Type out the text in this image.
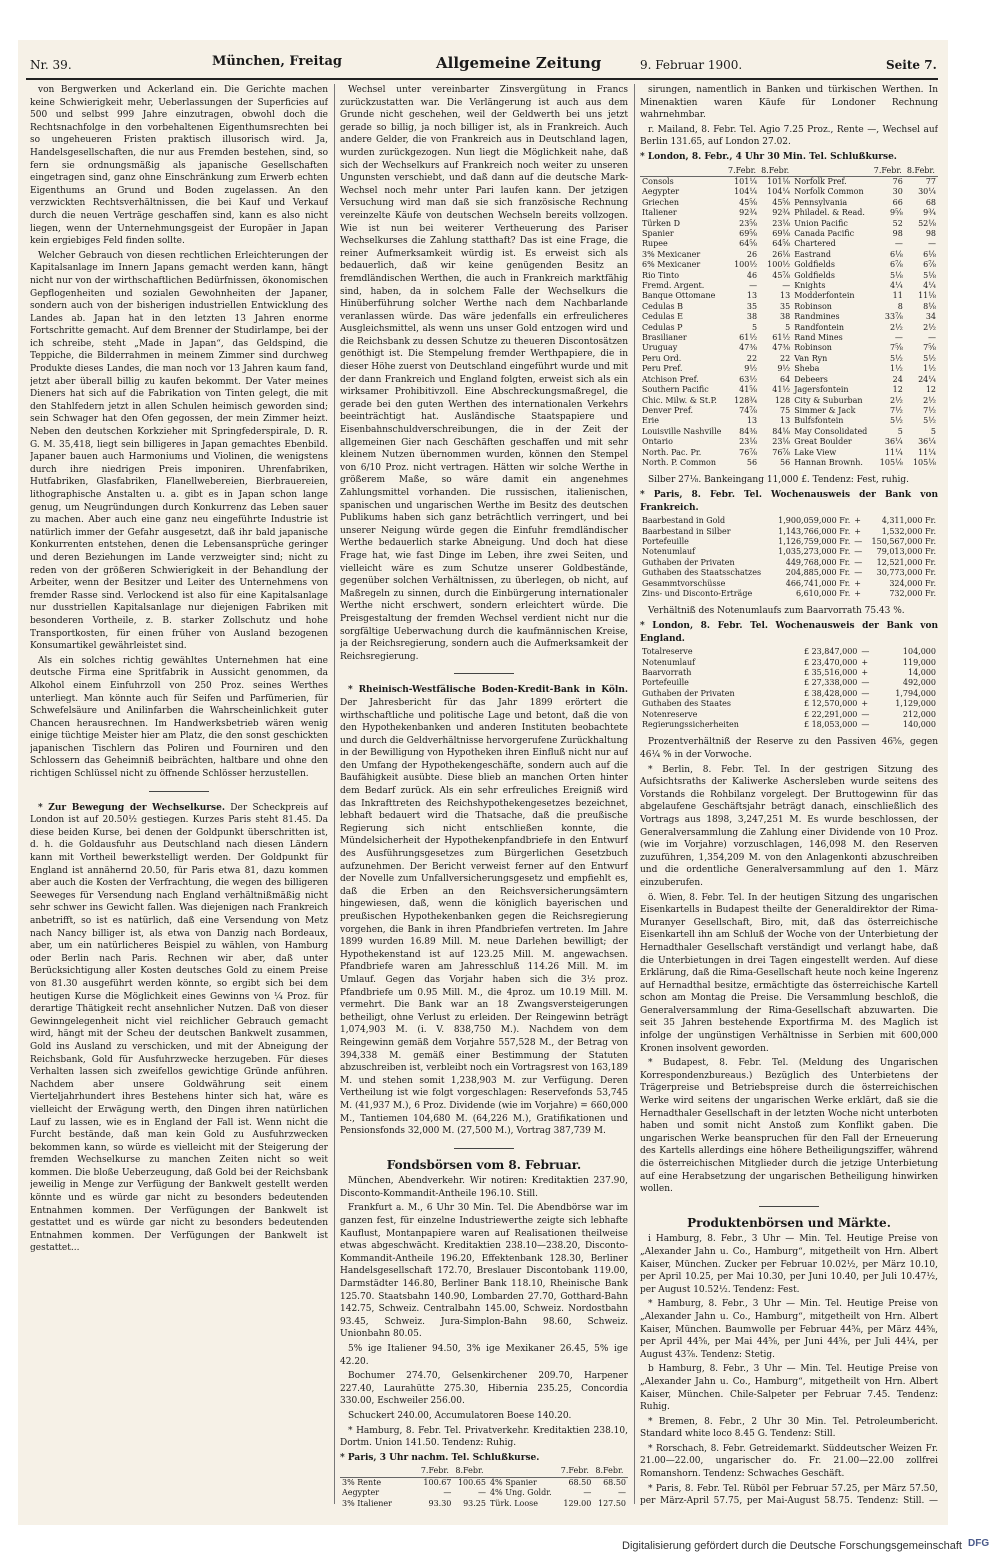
Nr. 39.	München, Freitag	Allgemeine Zeitung	9. Februar 1900.	Seite 7.

von Bergwerken und Ackerland ein. Die Gerichte machen keine Schwierigkeit mehr, Ueberlassungen der Superficies auf 500 und selbst 999 Jahre einzutragen, obwohl doch die Rechtsnachfolge in den vorbehaltenen Eigenthumsrechten bei so ungeheueren Fristen praktisch illusorisch wird. Ja, Handelsgesellschaften, die nur aus Fremden bestehen, sind, so fern sie ordnungsmäßig als japanische Gesellschaften eingetragen sind, ganz ohne Einschränkung zum Erwerb echten Eigenthums an Grund und Boden zugelassen. An den verzwickten Rechtsverhältnissen, die bei Kauf und Verkauf durch die neuen Verträge geschaffen sind, kann es also nicht liegen, wenn der Unternehmungsgeist der Europäer in Japan kein ergiebiges Feld finden sollte.

Welcher Gebrauch von diesen rechtlichen Erleichterungen der Kapitalsanlage im Innern Japans gemacht werden kann, hängt nicht nur von der wirthschaftlichen Bedürfnissen, ökonomischen Gepflogenheiten und sozialen Gewohnheiten der Japaner, sondern auch von der bisherigen industriellen Entwicklung des Landes ab. Japan hat in den letzten 13 Jahren enorme Fortschritte gemacht. Auf dem Brenner der Studirlampe, bei der ich schreibe, steht „Made in Japan“, das Geldspind, die Teppiche, die Bilderrahmen in meinem Zimmer sind durchweg Produkte dieses Landes, die man noch vor 13 Jahren kaum fand, jetzt aber überall billig zu kaufen bekommt. Der Vater meines Dieners hat sich auf die Fabrikation von Tinten gelegt, die mit den Stahlfedern jetzt in allen Schulen heimisch geworden sind; sein Schwager hat den Ofen gegossen, der mein Zimmer heizt. Neben den deutschen Korkzieher mit Springfederspirale, D. R. G. M. 35,418, liegt sein billigeres in Japan gemachtes Ebenbild. Japaner bauen auch Harmoniums und Violinen, die wenigstens durch ihre niedrigen Preis imponiren. Uhrenfabriken, Hutfabriken, Glasfabriken, Flanellwebereien, Bierbrauereien, lithographische Anstalten u. a. gibt es in Japan schon lange genug, um Neugründungen durch Konkurrenz das Leben sauer zu machen. Aber auch eine ganz neu eingeführte Industrie ist natürlich immer der Gefahr ausgesetzt, daß ihr bald japanische Konkurrenten entstehen, denen die Lebensansprüche geringer und deren Beziehungen im Lande verzweigter sind; nicht zu reden von der größeren Schwierigkeit in der Behandlung der Arbeiter, wenn der Besitzer und Leiter des Unternehmens von fremder Rasse sind. Verlockend ist also für eine Kapitalsanlage nur dusstriellen Kapitalsanlage nur diejenigen Fabriken mit besonderen Vortheile, z. B. starker Zollschutz und hohe Transportkosten, für einen früher von Ausland bezogenen Konsumartikel gewährleistet sind.

Als ein solches richtig gewähltes Unternehmen hat eine deutsche Firma eine Spritfabrik in Aussicht genommen, da Alkohol einem Einfuhrzoll von 250 Proz. seines Werthes unterliegt. Man könnte auch für Seifen und Parfümerien, für Schwefelsäure und Anilinfarben die Wahrscheinlichkeit guter Chancen herausrechnen. Im Handwerksbetrieb wären wenig einige tüchtige Meister hier am Platz, die den sonst geschickten japanischen Tischlern das Poliren und Fourniren und den Schlossern das Geheimniß beibrächten, haltbare und ohne den richtigen Schlüssel nicht zu öffnende Schlösser herzustellen.

* Zur Bewegung der Wechselkurse. Der Scheckpreis auf London ist auf 20.50½ gestiegen. Kurzes Paris steht 81.45. Da diese beiden Kurse, bei denen der Goldpunkt überschritten ist, d. h. die Goldausfuhr aus Deutschland nach diesen Ländern kann mit Vortheil bewerkstelligt werden. Der Goldpunkt für England ist annähernd 20.50, für Paris etwa 81, dazu kommen aber auch die Kosten der Verfrachtung, die wegen des billigeren Seeweges für Versendung nach England verhältnißmäßig nicht sehr schwer ins Gewicht fallen. Was diejenigen nach Frankreich anbetrifft, so ist es natürlich, daß eine Versendung von Metz nach Nancy billiger ist, als etwa von Danzig nach Bordeaux, aber, um ein natürlicheres Beispiel zu wählen, von Hamburg oder Berlin nach Paris. Rechnen wir aber, daß unter Berücksichtigung aller Kosten deutsches Gold zu einem Preise von 81.30 ausgeführt werden könnte, so ergibt sich bei dem heutigen Kurse die Möglichkeit eines Gewinns von ¼ Proz. für derartige Thätigkeit recht ansehnlicher Nutzen. Daß von dieser Gewinngelegenheit nicht viel reichlicher Gebrauch gemacht wird, hängt mit der Scheu der deutschen Bankwelt zusammen, Gold ins Ausland zu verschicken, und mit der Abneigung der Reichsbank, Gold für Ausfuhrzwecke herzugeben. Für dieses Verhalten lassen sich zweifellos gewichtige Gründe anführen. Nachdem aber unsere Goldwährung seit einem Vierteljahrhundert ihres Bestehens hinter sich hat, wäre es vielleicht der Erwägung werth, den Dingen ihren natürlichen Lauf zu lassen, wie es in England der Fall ist. Wenn nicht die Furcht bestände, daß man kein Gold zu Ausfuhrzwecken bekommen kann, so würde es vielleicht mit der Steigerung der fremden Wechselkurse zu manchen Zeiten nicht so weit kommen. Die bloße Ueberzeugung, daß Gold bei der Reichsbank jeweilig in Menge zur Verfügung der Bankwelt gestellt werden könnte und es würde gar nicht zu besonders bedeutenden Entnahmen kommen. Der Verfügungen der Bankwelt ist gestattet und es würde gar nicht zu besonders bedeutenden Entnahmen kommen. Der Verfügungen der Bankwelt ist gestattet...

Wechsel unter vereinbarter Zinsvergütung in Francs zurückzustatten war. Die Verlängerung ist auch aus dem Grunde nicht geschehen, weil der Geldwerth bei uns jetzt gerade so billig, ja noch billiger ist, als in Frankreich. Auch andere Gelder, die von Frankreich aus in Deutschland lagen, wurden zurückgezogen. Nun liegt die Möglichkeit nahe, daß sich der Wechselkurs auf Frankreich noch weiter zu unseren Ungunsten verschiebt, und daß dann auf die deutsche Mark-Wechsel noch mehr unter Pari laufen kann. Der jetzigen Versuchung wird man daß sie sich französische Rechnung vereinzelte Käufe von deutschen Wechseln bereits vollzogen. Wie ist nun bei weiterer Vertheuerung des Pariser Wechselkurses die Zahlung statthaft? Das ist eine Frage, die reiner Aufmerksamkeit würdig ist. Es erweist sich als bedauerlich, daß wir keine genügenden Besitz an fremdländischen Werthen, die auch in Frankreich marktfähig sind, haben, da in solchem Falle der Wechselkurs die Hinüberführung solcher Werthe nach dem Nachbarlande veranlassen würde. Das wäre jedenfalls ein erfreulicheres Ausgleichsmittel, als wenn uns unser Gold entzogen wird und die Reichsbank zu dessen Schutze zu theueren Discontosätzen genöthigt ist. Die Stempelung fremder Werthpapiere, die in dieser Höhe zuerst von Deutschland eingeführt wurde und mit der dann Frankreich und England folgten, erweist sich als ein wirksamer Prohibitivzoll. Eine Abschreckungsmaßregel, die gerade bei den guten Werthen des internationalen Verkehrs beeinträchtigt hat. Ausländische Staatspapiere und Eisenbahnschuldverschreibungen, die in der Zeit der allgemeinen Gier nach Geschäften geschaffen und mit sehr kleinem Nutzen übernommen wurden, können den Stempel von 6/10 Proz. nicht vertragen. Hätten wir solche Werthe in größerem Maße, so wäre damit ein angenehmes Zahlungsmittel vorhanden. Die russischen, italienischen, spanischen und ungarischen Werthe im Besitz des deutschen Publikums haben sich ganz beträchtlich verringert, und bei unserer Neigung würde gegen die Einfuhr fremdländischer Werthe bedauerlich starke Abneigung. Und doch hat diese Frage hat, wie fast Dinge im Leben, ihre zwei Seiten, und vielleicht wäre es zum Schutze unserer Goldbestände, gegenüber solchen Verhältnissen, zu überlegen, ob nicht, auf Maßregeln zu sinnen, durch die Einbürgerung internationaler Werthe nicht erschwert, sondern erleichtert würde. Die Preisgestaltung der fremden Wechsel verdient nicht nur die sorgfältige Ueberwachung durch die kaufmännischen Kreise, ja der Reichsregierung, sondern auch die Aufmerksamkeit der Reichsregierung.

* Rheinisch-Westfälische Boden-Kredit-Bank in Köln. Der Jahresbericht für das Jahr 1899 erörtert die wirthschaftliche und politische Lage und betont, daß die von den Hypothekenbanken und anderen Instituten beobachtete und durch die Geldverhältnisse hervorgerufene Zurückhaltung in der Bewilligung von Hypotheken ihren Einfluß nicht nur auf den Umfang der Hypothekengeschäfte, sondern auch auf die Baufähigkeit ausübte. Diese blieb an manchen Orten hinter dem Bedarf zurück. Als ein sehr erfreuliches Ereigniß wird das Inkrafttreten des Reichshypothekengesetzes bezeichnet, lebhaft bedauert wird die Thatsache, daß die preußische Regierung sich nicht entschließen konnte, die Mündelsicherheit der Hypothekenpfandbriefe in den Entwurf des Ausführungsgesetzes zum Bürgerlichen Gesetzbuch aufzunehmen. Der Bericht verweist ferner auf den Entwurf der Novelle zum Unfallversicherungsgesetz und empfiehlt es, daß die Erben an den Reichsversicherungsämtern hingewiesen, daß, wenn die königlich bayerischen und preußischen Hypothekenbanken gegen die Reichsregierung vorgehen, die Bank in ihren Pfandbriefen vertreten. Im Jahre 1899 wurden 16.89 Mill. M. neue Darlehen bewilligt; der Hypothekenstand ist auf 123.25 Mill. M. angewachsen. Pfandbriefe waren am Jahresschluß 114.26 Mill. M. im Umlauf. Gegen das Vorjahr haben sich die 3½ proz. Pfandbriefe um 0.95 Mill. M., die 4proz. um 10.19 Mill. M. vermehrt. Die Bank war an 18 Zwangsversteigerungen betheiligt, ohne Verlust zu erleiden. Der Reingewinn beträgt 1,074,903 M. (i. V. 838,750 M.). Nachdem von dem Reingewinn gemäß dem Vorjahre 557,528 M., der Betrag von 394,338 M. gemäß einer Bestimmung der Statuten abzuschreiben ist, verbleibt noch ein Vortragsrest von 163,189 M. und stehen somit 1,238,903 M. zur Verfügung. Deren Vertheilung ist wie folgt vorgeschlagen: Reservefonds 53,745 M. (41,937 M.), 6 Proz. Dividende (wie im Vorjahre) = 660,000 M., Tantiemen 104,680 M. (64,226 M.), Gratifikationen und Pensionsfonds 32,000 M. (27,500 M.), Vortrag 387,739 M.

Fondsbörsen vom 8. Februar.

München, Abendverkehr. Wir notiren: Kreditaktien 237.90, Disconto-Kommandit-Antheile 196.10. Still.

Frankfurt a. M., 6 Uhr 30 Min. Tel. Die Abendbörse war im ganzen fest, für einzelne Industriewerthe zeigte sich lebhafte Kauflust, Montanpapiere waren auf Realisationen theilweise etwas abgeschwächt. Kreditaktien 238.10—238.20, Disconto-Kommandit-Antheile 196.20, Effektenbank 128.30, Berliner Handelsgesellschaft 172.70, Breslauer Discontobank 119.00, Darmstädter 146.80, Berliner Bank 118.10, Rheinische Bank 125.70. Staatsbahn 140.90, Lombarden 27.70, Gotthard-Bahn 142.75, Schweiz. Centralbahn 145.00, Schweiz. Nordostbahn 93.45, Schweiz. Jura-Simplon-Bahn 98.60, Schweiz. Unionbahn 80.05.

5% ige Italiener 94.50, 3% ige Mexikaner 26.45, 5% ige 42.20.

Bochumer 274.70, Gelsenkirchener 209.70, Harpener 227.40, Laurahütte 275.30, Hibernia 235.25, Concordia 330.00, Eschweiler 256.00.

Schuckert 240.00, Accumulatoren Boese 140.20.

* Hamburg, 8. Febr. Tel. Privatverkehr. Kreditaktien 238.10, Dortm. Union 141.50. Tendenz: Ruhig.

* Paris, 3 Uhr nachm. Tel. Schlußkurse.

	7.Febr.	8.Febr.		7.Febr.	8.Febr.
3% Rente	100.67	100.65	4% Spanier	68.50	68.50
Aegypter	—	—	4% Ung. Goldr.	—	—
3% Italiener	93.30	93.25	Türk. Loose	129.00	127.50

sirungen, namentlich in Banken und türkischen Werthen. In Minenaktien waren Käufe für Londoner Rechnung wahrnehmbar.

r. Mailand, 8. Febr. Tel. Agio 7.25 Proz., Rente —, Wechsel auf Berlin 131.65, auf London 27.02.

* London, 8. Febr., 4 Uhr 30 Min. Tel. Schlußkurse.

	7.Febr.	8.Febr.		7.Febr.	8.Febr.
Consols	101¼	101⅛	Norfolk Pref.	76	77
Aegypter	104¼	104¼	Norfolk Common	30	30¼
Griechen	45⅝	45⅝	Pennsylvania	66	68
Italiener	92¾	92¾	Philadel. & Read.	9⅝	9¾
Türken D	23⅝	23⅛	Union Pacific	52	52⅛
Spanier	69⅝	69⅛	Canada Pacific	98	98
Rupee	64⅝	64⅝	Chartered	—	—
3% Mexicaner	26	26⅛	Eastrand	6⅛	6⅛
6% Mexicaner	100½	100½	Goldfields	6⅞	6⅞
Rio Tinto	46	45⅞	Goldfields	5⅛	5⅛
Fremd. Argent.	—	—	Knights	4¼	4¼
Banque Ottomane	13	13	Modderfontein	11	11⅛
Cedulas B	35	35	Robinson	8	8⅛
Cedulas E	38	38	Randmines	33⅞	34
Cedulas P	5	5	Randfontein	2½	2½
Brasilianer	61½	61½	Rand Mines	—	—
Uruguay	47⅜	47⅜	Robinson	7⅝	7⅝
Peru Ord.	22	22	Van Ryn	5½	5½
Peru Pref.	9½	9½	Sheba	1½	1½
Atchison Pref.	63½	64	Debeers	24	24¼
Southern Pacific	41⅝	41½	Jagersfontein	12	12
Chic. Milw. & St.P.	128¾	128	City & Suburban	2½	2½
Denver Pref.	74⅞	75	Simmer & Jack	7½	7½
Erie	13	13	Bulfsfontein	5½	5½
Louisville Nashville	84⅜	84⅛	May Consolidated	5	5
Ontario	23⅛	23⅛	Great Boulder	36¼	36¼
North. Pac. Pr.	76⅞	76⅞	Lake View	11¼	11¼
North. P. Common	56	56	Hannan Brownh.	105⅛	105⅛

Silber 27⅛. Bankeingang 11,000 £. Tendenz: Fest, ruhig.

* Paris, 8. Febr. Tel. Wochenausweis der Bank von Frankreich.

Baarbestand in Gold	1,900,059,000 Fr.	+	4,311,000 Fr.
Baarbestand in Silber	1,143,766,000 Fr.	+	1,532,000 Fr.
Portefeuille	1,126,759,000 Fr.	—	150,567,000 Fr.
Notenumlauf	1,035,273,000 Fr.	—	79,013,000 Fr.
Guthaben der Privaten	449,768,000 Fr.	—	12,521,000 Fr.
Guthaben des Staatsschatzes	204,885,000 Fr.	—	30,773,000 Fr.
Gesammtvorschüsse	466,741,000 Fr.	+	324,000 Fr.
Zins- und Disconto-Erträge	6,610,000 Fr.	+	732,000 Fr.

Verhältniß des Notenumlaufs zum Baarvorrath 75.43 %.

* London, 8. Febr. Tel. Wochenausweis der Bank von England.

Totalreserve	£ 23,847,000	—	104,000
Notenumlauf	£ 23,470,000	+	119,000
Baarvorrath	£ 35,516,000	+	14,000
Portefeuille	£ 27,338,000	—	492,000
Guthaben der Privaten	£ 38,428,000	—	1,794,000
Guthaben des Staates	£ 12,570,000	+	1,129,000
Notenreserve	£ 22,291,000	—	212,000
Regierungssicherheiten	£ 18,053,000	—	140,000

Prozentverhältniß der Reserve zu den Passiven 46⅝, gegen 46¼ % in der Vorwoche.

* Berlin, 8. Febr. Tel. In der gestrigen Sitzung des Aufsichtsraths der Kaliwerke Aschersleben wurde seitens des Vorstands die Rohbilanz vorgelegt. Der Bruttogewinn für das abgelaufene Geschäftsjahr beträgt danach, einschließlich des Vortrags aus 1898, 3,247,251 M. Es wurde beschlossen, der Generalversammlung die Zahlung einer Dividende von 10 Proz. (wie im Vorjahre) vorzuschlagen, 146,098 M. den Reserven zuzuführen, 1,354,209 M. von den Anlagenkonti abzuschreiben und die ordentliche Generalversammlung auf den 1. März einzuberufen.

ö. Wien, 8. Febr. Tel. In der heutigen Sitzung des ungarischen Eisenkartells in Budapest theilte der Generaldirektor der Rima-Muranyer Gesellschaft, Biro, mit, daß das österreichische Eisenkartell ihn am Schluß der Woche von der Unterbietung der Hernadthaler Gesellschaft verständigt und verlangt habe, daß die Unterbietungen in drei Tagen eingestellt werden. Auf diese Erklärung, daß die Rima-Gesellschaft heute noch keine Ingerenz auf Hernadthal besitze, ermächtigte das österreichische Kartell schon am Montag die Preise. Die Versammlung beschloß, die Generalversammlung der Rima-Gesellschaft abzuwarten. Die seit 35 Jahren bestehende Exportfirma M. des Maglich ist infolge der ungünstigen Verhältnisse in Serbien mit 600,000 Kronen insolvent geworden.

* Budapest, 8. Febr. Tel. (Meldung des Ungarischen Korrespondenzbureaus.) Bezüglich des Unterbietens der Trägerpreise und Betriebspreise durch die österreichischen Werke wird seitens der ungarischen Werke erklärt, daß sie die Hernadthaler Gesellschaft in der letzten Woche nicht unterboten haben und somit nicht Anstoß zum Konflikt gaben. Die ungarischen Werke beanspruchen für den Fall der Erneuerung des Kartells allerdings eine höhere Betheiligungsziffer, während die österreichischen Mitglieder durch die jetzige Unterbietung auf eine Herabsetzung der ungarischen Betheiligung hinwirken wollen.

Produktenbörsen und Märkte.

i Hamburg, 8. Febr., 3 Uhr — Min. Tel. Heutige Preise von „Alexander Jahn u. Co., Hamburg“, mitgetheilt von Hrn. Albert Kaiser, München. Zucker per Februar 10.02½, per März 10.10, per April 10.25, per Mai 10.30, per Juni 10.40, per Juli 10.47½, per August 10.52½. Tendenz: Fest.

* Hamburg, 8. Febr., 3 Uhr — Min. Tel. Heutige Preise von „Alexander Jahn u. Co., Hamburg“, mitgetheilt von Hrn. Albert Kaiser, München. Baumwolle per Februar 44⅝, per März 44⅝, per April 44⅝, per Mai 44⅝, per Juni 44⅝, per Juli 44¼, per August 43⅞. Tendenz: Stetig.

b Hamburg, 8. Febr., 3 Uhr — Min. Tel. Heutige Preise von „Alexander Jahn u. Co., Hamburg“, mitgetheilt von Hrn. Albert Kaiser, München. Chile-Salpeter per Februar 7.45. Tendenz: Ruhig.

* Bremen, 8. Febr., 2 Uhr 30 Min. Tel. Petroleumbericht. Standard white loco 8.45 G. Tendenz: Still.

* Rorschach, 8. Febr. Getreidemarkt. Süddeutscher Weizen Fr. 21.00—22.00, ungarischer do. Fr. 21.00—22.00 zollfrei Romanshorn. Tendenz: Schwaches Geschäft.

* Paris, 8. Febr. Tel. Rüböl per Februar 57.25, per März 57.50, per März-April 57.75, per Mai-August 58.75. Tendenz: Still. —

Digitalisierung gefördert durch die Deutsche Forschungsgemeinschaft DFG
